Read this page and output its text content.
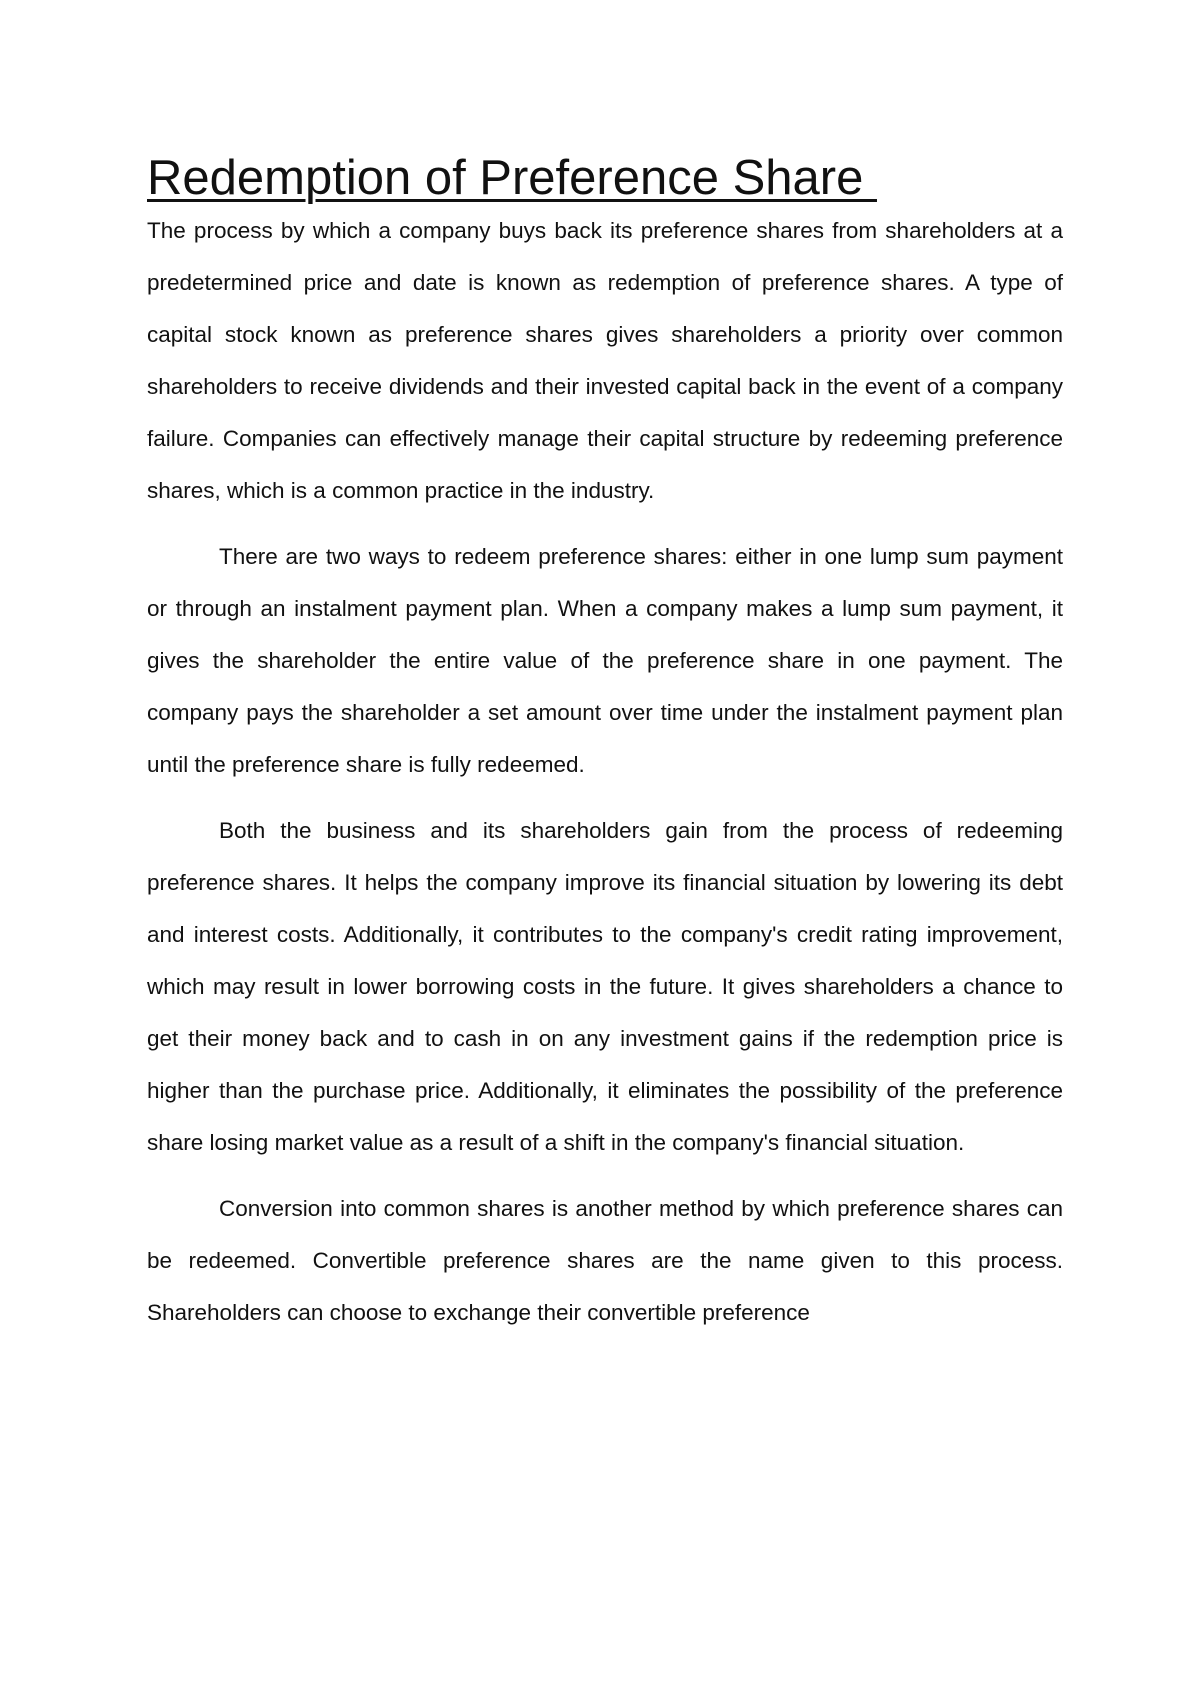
Redemption of Preference Share

The process by which a company buys back its preference shares from shareholders at a predetermined price and date is known as redemption of preference shares. A type of capital stock known as preference shares gives shareholders a priority over common shareholders to receive dividends and their invested capital back in the event of a company failure. Companies can effectively manage their capital structure by redeeming preference shares, which is a common practice in the industry.

There are two ways to redeem preference shares: either in one lump sum payment or through an instalment payment plan. When a company makes a lump sum payment, it gives the shareholder the entire value of the preference share in one payment. The company pays the shareholder a set amount over time under the instalment payment plan until the preference share is fully redeemed.

Both the business and its shareholders gain from the process of redeeming preference shares. It helps the company improve its financial situation by lowering its debt and interest costs. Additionally, it contributes to the company's credit rating improvement, which may result in lower borrowing costs in the future. It gives shareholders a chance to get their money back and to cash in on any investment gains if the redemption price is higher than the purchase price. Additionally, it eliminates the possibility of the preference share losing market value as a result of a shift in the company's financial situation.

Conversion into common shares is another method by which preference shares can be redeemed. Convertible preference shares are the name given to this process. Shareholders can choose to exchange their convertible preference
